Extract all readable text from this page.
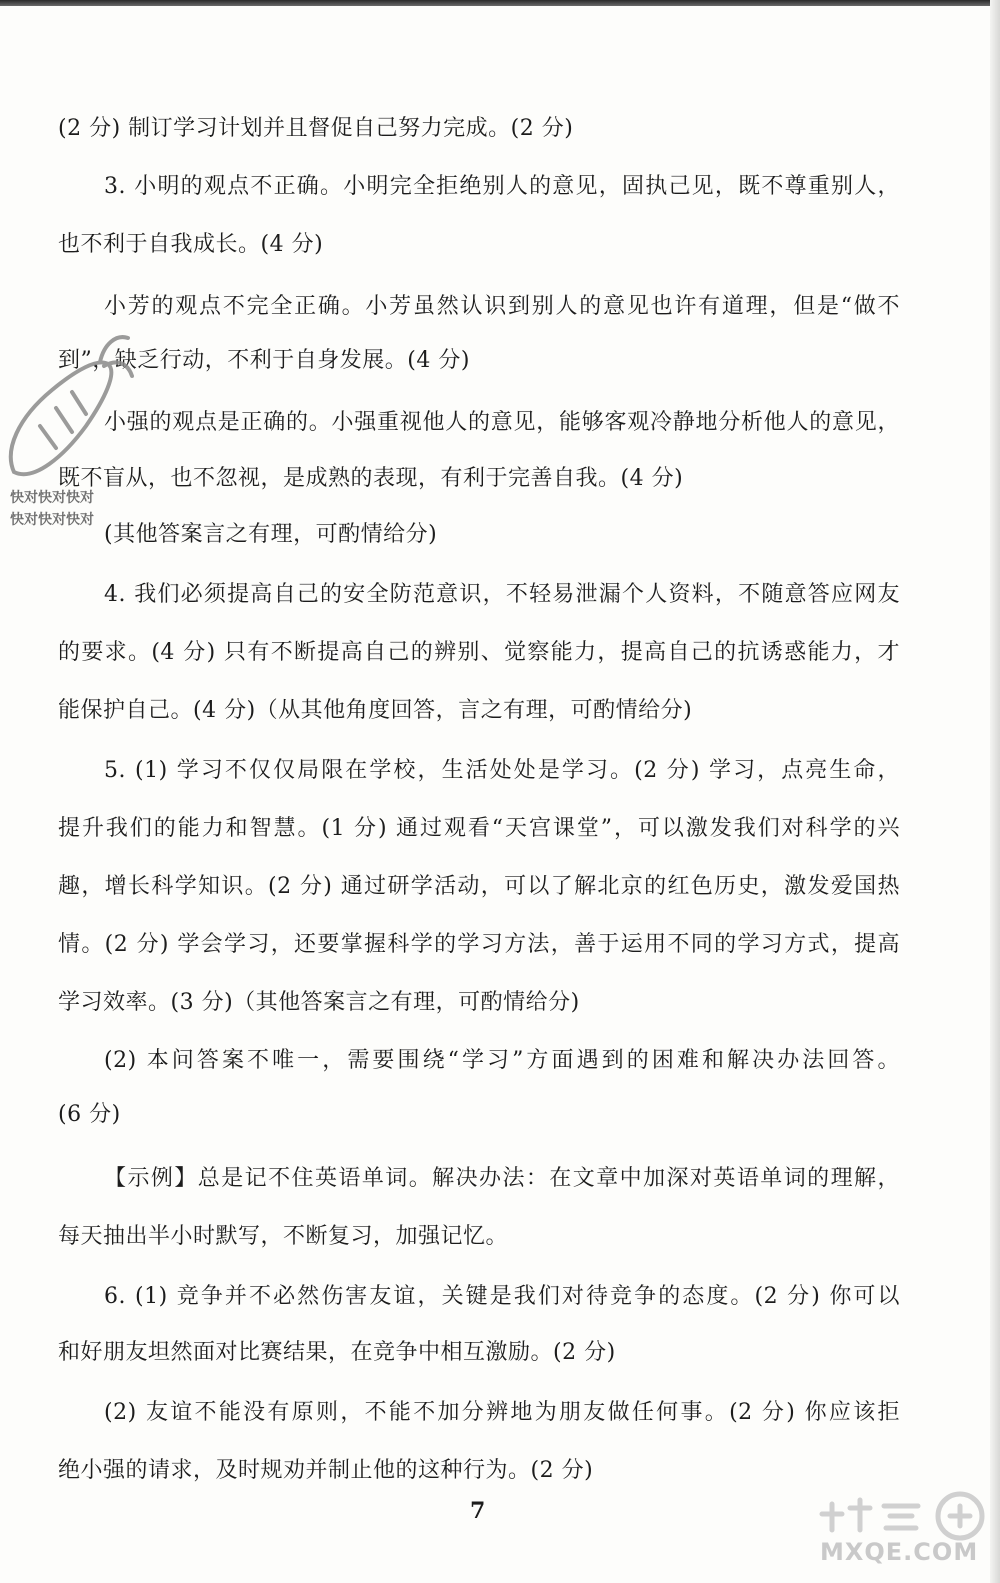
(2 分) 制订学习计划并且督促自己努力完成。(2 分)
3. 小明的观点不正确。小明完全拒绝别人的意见，固执己见，既不尊重别人，
也不利于自我成长。(4 分)
小芳的观点不完全正确。小芳虽然认识到别人的意见也许有道理，但是“做不
到”，缺乏行动，不利于自身发展。(4 分)
小强的观点是正确的。小强重视他人的意见，能够客观冷静地分析他人的意见，
既不盲从，也不忽视，是成熟的表现，有利于完善自我。(4 分)
(其他答案言之有理，可酌情给分)
4. 我们必须提高自己的安全防范意识，不轻易泄漏个人资料，不随意答应网友
的要求。(4 分) 只有不断提高自己的辨别、觉察能力，提高自己的抗诱惑能力，才
能保护自己。(4 分)（从其他角度回答，言之有理，可酌情给分)
5. (1) 学习不仅仅局限在学校，生活处处是学习。(2 分) 学习，点亮生命，
提升我们的能力和智慧。(1 分) 通过观看“天宫课堂”，可以激发我们对科学的兴
趣，增长科学知识。(2 分) 通过研学活动，可以了解北京的红色历史，激发爱国热
情。(2 分) 学会学习，还要掌握科学的学习方法，善于运用不同的学习方式，提高
学习效率。(3 分)（其他答案言之有理，可酌情给分)
(2) 本问答案不唯一，需要围绕“学习”方面遇到的困难和解决办法回答。
(6 分)
【示例】总是记不住英语单词。解决办法：在文章中加深对英语单词的理解，
每天抽出半小时默写，不断复习，加强记忆。
6. (1) 竞争并不必然伤害友谊，关键是我们对待竞争的态度。(2 分) 你可以
和好朋友坦然面对比赛结果，在竞争中相互激励。(2 分)
(2) 友谊不能没有原则，不能不加分辨地为朋友做任何事。(2 分) 你应该拒
绝小强的请求，及时规劝并制止他的这种行为。(2 分)
7
快对快对快对
快对快对快对
MXQE.COM
